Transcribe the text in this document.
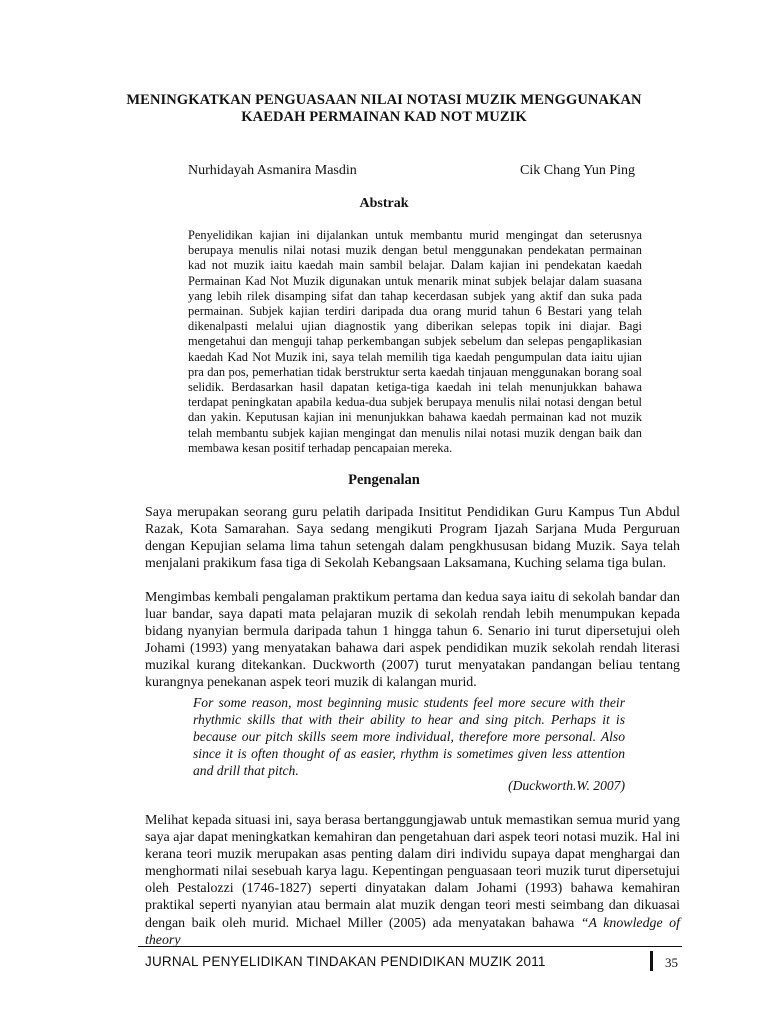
MENINGKATKAN PENGUASAAN NILAI NOTASI MUZIK MENGGUNAKAN
KAEDAH PERMAINAN KAD NOT MUZIK
Nurhidayah Asmanira Masdin	Cik Chang Yun Ping
Abstrak
Penyelidikan kajian ini dijalankan untuk membantu murid mengingat dan seterusnya berupaya menulis nilai notasi muzik dengan betul menggunakan pendekatan permainan kad not muzik iaitu kaedah main sambil belajar. Dalam kajian ini pendekatan kaedah Permainan Kad Not Muzik digunakan untuk menarik minat subjek belajar dalam suasana yang lebih rilek disamping sifat dan tahap kecerdasan subjek yang aktif dan suka pada permainan. Subjek kajian terdiri daripada dua orang murid tahun 6 Bestari yang telah dikenalpasti melalui ujian diagnostik yang diberikan selepas topik ini diajar. Bagi mengetahui dan menguji tahap perkembangan subjek sebelum dan selepas pengaplikasian kaedah Kad Not Muzik ini, saya telah memilih tiga kaedah pengumpulan data iaitu ujian pra dan pos, pemerhatian tidak berstruktur serta kaedah tinjauan menggunakan borang soal selidik. Berdasarkan hasil dapatan ketiga-tiga kaedah ini telah menunjukkan bahawa terdapat peningkatan apabila kedua-dua subjek berupaya menulis nilai notasi dengan betul dan yakin. Keputusan kajian ini menunjukkan bahawa kaedah permainan kad not muzik telah membantu subjek kajian mengingat dan menulis nilai notasi muzik dengan baik dan membawa kesan positif terhadap pencapaian mereka.
Pengenalan
Saya merupakan seorang guru pelatih daripada Insititut Pendidikan Guru Kampus Tun Abdul Razak, Kota Samarahan. Saya sedang mengikuti Program Ijazah Sarjana Muda Perguruan dengan Kepujian selama lima tahun setengah dalam pengkhususan bidang Muzik. Saya telah menjalani prakikum fasa tiga di Sekolah Kebangsaan Laksamana, Kuching selama tiga bulan.
Mengimbas kembali pengalaman praktikum pertama dan kedua saya iaitu di sekolah bandar dan luar bandar, saya dapati mata pelajaran muzik di sekolah rendah lebih menumpukan kepada bidang nyanyian bermula daripada tahun 1 hingga tahun 6. Senario ini turut dipersetujui oleh Johami (1993) yang menyatakan bahawa dari aspek pendidikan muzik sekolah rendah literasi muzikal kurang ditekankan. Duckworth (2007) turut menyatakan pandangan beliau tentang kurangnya penekanan aspek teori muzik di kalangan murid.
For some reason, most beginning music students feel more secure with their rhythmic skills that with their ability to hear and sing pitch. Perhaps it is because our pitch skills seem more individual, therefore more personal. Also since it is often thought of as easier, rhythm is sometimes given less attention and drill that pitch.
(Duckworth.W. 2007)
Melihat kepada situasi ini, saya berasa bertanggungjawab untuk memastikan semua murid yang saya ajar dapat meningkatkan kemahiran dan pengetahuan dari aspek teori notasi muzik. Hal ini kerana teori muzik merupakan asas penting dalam diri individu supaya dapat menghargai dan menghormati nilai sesebuah karya lagu. Kepentingan penguasaan teori muzik turut dipersetujui oleh Pestalozzi (1746-1827) seperti dinyatakan dalam Johami (1993) bahawa kemahiran praktikal seperti nyanyian atau bermain alat muzik dengan teori mesti seimbang dan dikuasai dengan baik oleh murid. Michael Miller (2005) ada menyatakan bahawa “A knowledge of theory
JURNAL PENYELIDIKAN TINDAKAN PENDIDIKAN MUZIK 2011	35
